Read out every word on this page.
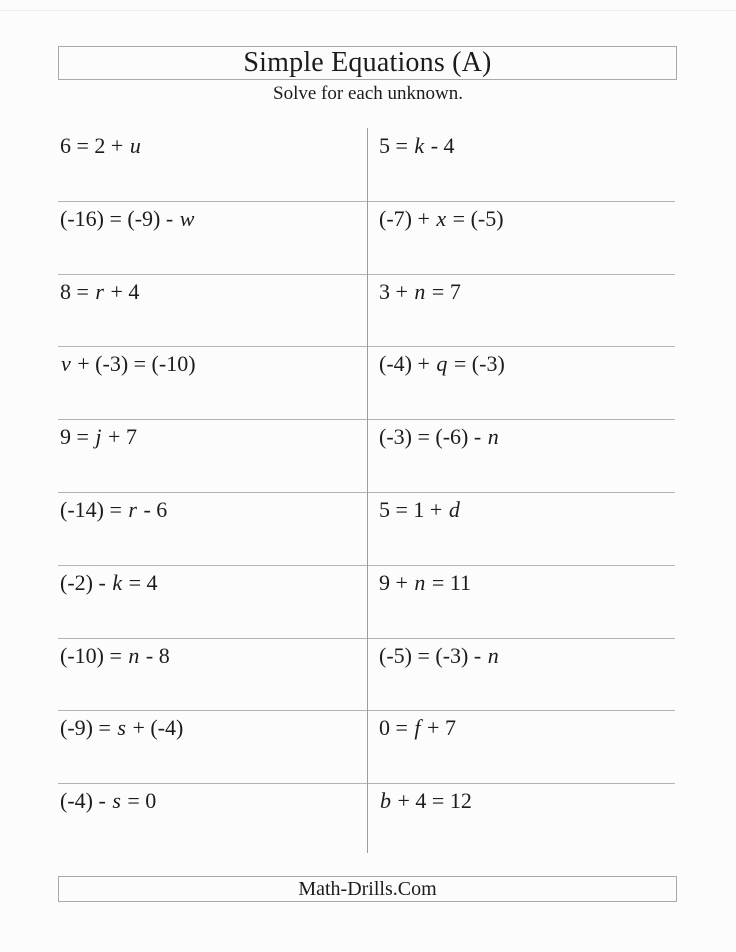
Simple Equations (A)
Solve for each unknown.
6 = 2 + u	5 = k - 4
(-16) = (-9) - w	(-7) + x = (-5)
8 = r + 4	3 + n = 7
v + (-3) = (-10)	(-4) + q = (-3)
9 = j + 7	(-3) = (-6) - n
(-14) = r - 6	5 = 1 + d
(-2) - k = 4	9 + n = 11
(-10) = n - 8	(-5) = (-3) - n
(-9) = s + (-4)	0 = f + 7
(-4) - s = 0	b + 4 = 12
Math-Drills.Com
